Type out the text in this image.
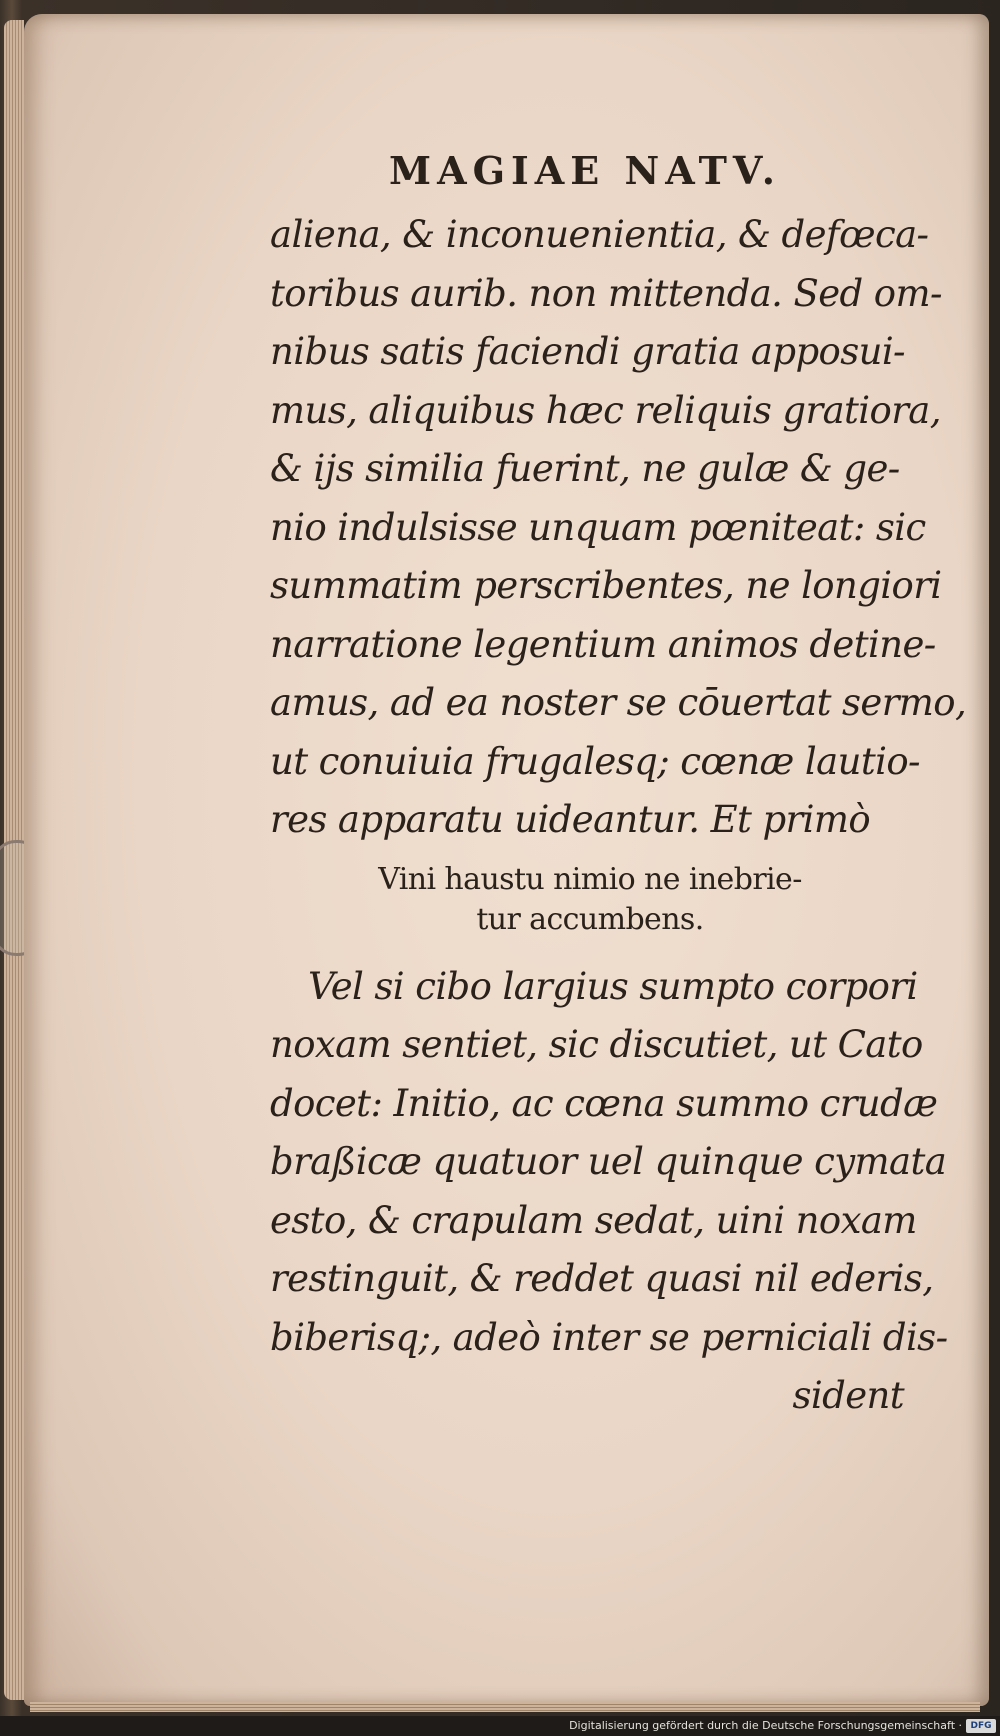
MAGIAE NATV.
aliena, & inconuenientia, & defœca-
toribus aurib. non mittenda. Sed om-
nibus satis faciendi gratia apposui-
mus, aliquibus hæc reliquis gratiora,
& ijs similia fuerint, ne gulæ & ge-
nio indulsisse unquam pœniteat: sic
summatim perscribentes, ne longiori
narratione legentium animos detine-
amus, ad ea noster se cōuertat sermo,
ut conuiuia frugalesq; cœnæ lautio-
res apparatu uideantur. Et primò
Vini haustu nimio ne inebrie-
tur accumbens.
Vel si cibo largius sumpto corpori
noxam sentiet, sic discutiet, ut Cato
docet: Initio, ac cœna summo crudæ
braßicæ quatuor uel quinque cymata
esto, & crapulam sedat, uini noxam
restinguit, & reddet quasi nil ederis,
biberisq;, adeò inter se perniciali dis-
sident
Digitalisierung gefördert durch die Deutsche Forschungsgemeinschaft · DFG
